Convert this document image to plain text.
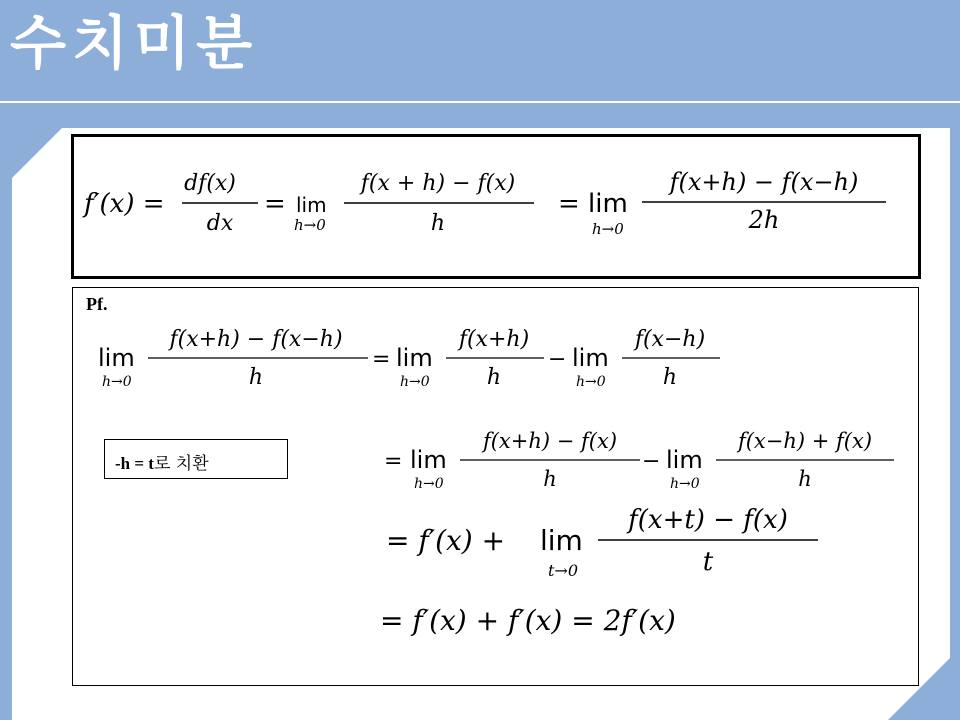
수치미분
f′(x) =
df(x)
dx
= lim
h→0
f(x + h) − f(x)
h
= lim
h→0
f(x+h) − f(x−h)
2h
Pf.
lim
h→0
f(x+h) − f(x−h)
h
= lim
h→0
f(x+h)
h
− lim
h→0
f(x−h)
h
-h = t로 치환	= lim
h→0
f(x+h) − f(x)
h
− lim
h→0
f(x−h) + f(x)
h
= f′(x) + lim
t→0
f(x+t) − f(x)
t
= f′(x) + f′(x) = 2f′(x)
